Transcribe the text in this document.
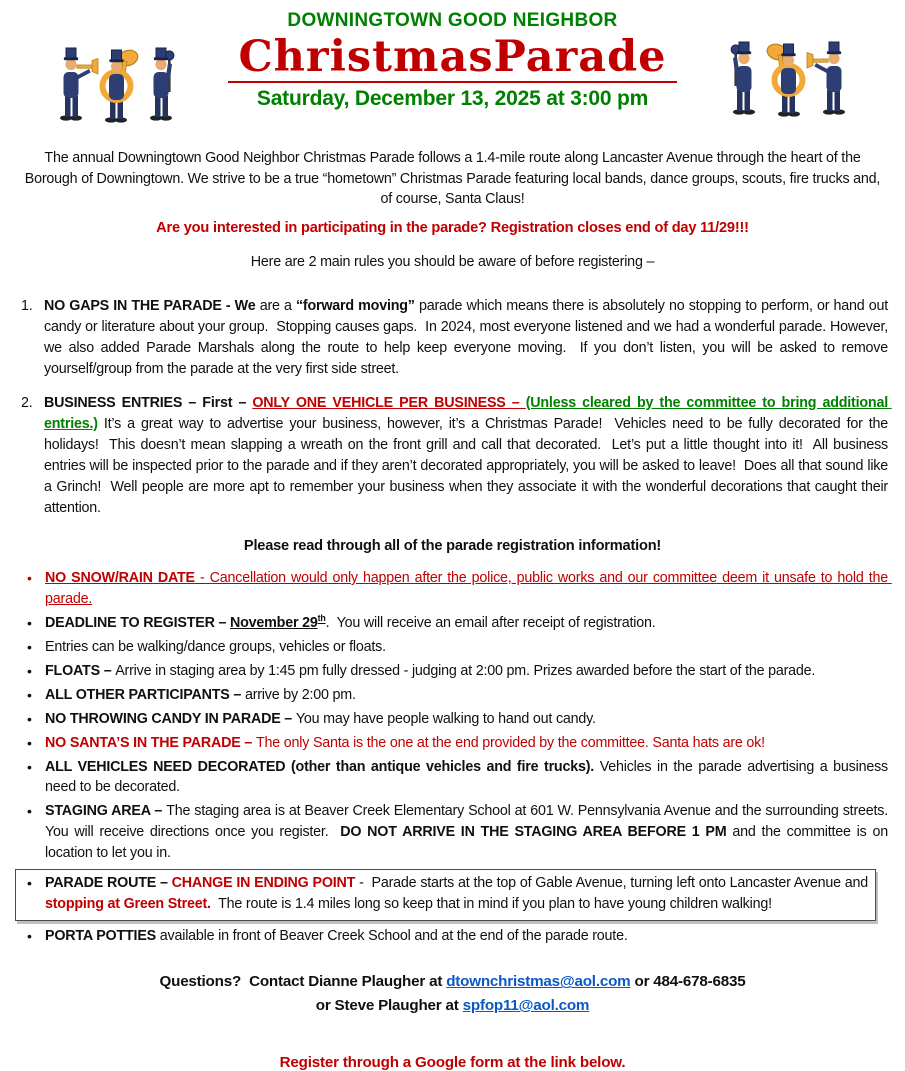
DOWNINGTOWN GOOD NEIGHBOR
ChristmasParade
Saturday, December 13, 2025 at 3:00 pm

The annual Downingtown Good Neighbor Christmas Parade follows a 1.4-mile route along Lancaster Avenue through the heart of the Borough of Downingtown. We strive to be a true “hometown” Christmas Parade featuring local bands, dance groups, scouts, fire trucks and, of course, Santa Claus!

Are you interested in participating in the parade? Registration closes end of day 11/29!!!

Here are 2 main rules you should be aware of before registering –

1. NO GAPS IN THE PARADE - We are a “forward moving” parade which means there is absolutely no stopping to perform, or hand out candy or literature about your group.  Stopping causes gaps.  In 2024, most everyone listened and we had a wonderful parade. However, we also added Parade Marshals along the route to help keep everyone moving.  If you don’t listen, you will be asked to remove yourself/group from the parade at the very first side street.
2. BUSINESS ENTRIES – First – ONLY ONE VEHICLE PER BUSINESS – (Unless cleared by the committee to bring additional entries.) It’s a great way to advertise your business, however, it’s a Christmas Parade!  Vehicles need to be fully decorated for the holidays!  This doesn’t mean slapping a wreath on the front grill and call that decorated.  Let’s put a little thought into it!  All business entries will be inspected prior to the parade and if they aren’t decorated appropriately, you will be asked to leave!  Does all that sound like a Grinch!  Well people are more apt to remember your business when they associate it with the wonderful decorations that caught their attention.

Please read through all of the parade registration information!

• NO SNOW/RAIN DATE - Cancellation would only happen after the police, public works and our committee deem it unsafe to hold the parade.
• DEADLINE TO REGISTER – November 29th.  You will receive an email after receipt of registration.
• Entries can be walking/dance groups, vehicles or floats.
• FLOATS – Arrive in staging area by 1:45 pm fully dressed - judging at 2:00 pm. Prizes awarded before the start of the parade.
• ALL OTHER PARTICIPANTS – arrive by 2:00 pm.
• NO THROWING CANDY IN PARADE – You may have people walking to hand out candy.
• NO SANTA’S IN THE PARADE – The only Santa is the one at the end provided by the committee. Santa hats are ok!
• ALL VEHICLES NEED DECORATED (other than antique vehicles and fire trucks). Vehicles in the parade advertising a business need to be decorated.
• STAGING AREA – The staging area is at Beaver Creek Elementary School at 601 W. Pennsylvania Avenue and the surrounding streets.  You will receive directions once you register.  DO NOT ARRIVE IN THE STAGING AREA BEFORE 1 PM and the committee is on location to let you in.
• PARADE ROUTE – CHANGE IN ENDING POINT -  Parade starts at the top of Gable Avenue, turning left onto Lancaster Avenue and stopping at Green Street.  The route is 1.4 miles long so keep that in mind if you plan to have young children walking!
• PORTA POTTIES available in front of Beaver Creek School and at the end of the parade route.

Questions?  Contact Dianne Plaugher at dtownchristmas@aol.com or 484-678-6835

or Steve Plaugher at spfop11@aol.com

Register through a Google form at the link below.
